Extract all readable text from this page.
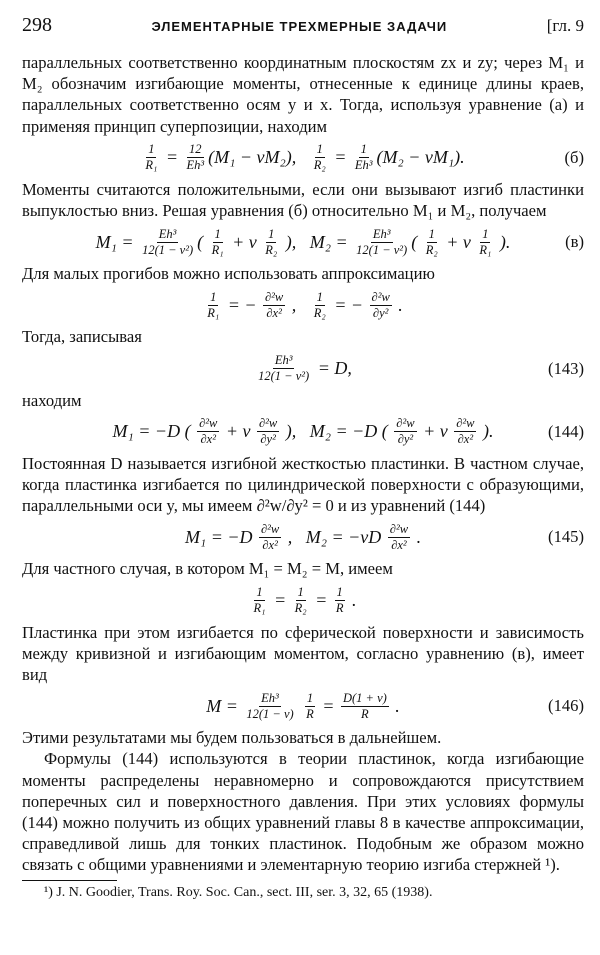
298	ЭЛЕМЕНТАРНЫЕ ТРЕХМЕРНЫЕ ЗАДАЧИ	[гл. 9

параллельных соответственно координатным плоскостям zx и zy; через M₁ и M₂ обозначим изгибающие моменты, отнесенные к единице длины краев, параллельных соответственно осям y и x. Тогда, используя уравнение (а) и применяя принцип суперпозиции, находим

$\frac{1}{\text{R₁}} = \frac{12}{\text{Eh³}} (M_1 - \nu M_2)$, $\frac{1}{\text{R₂}} = \frac{1}{\text{Eh³}} (M_2 - \nu M_1)$.	(б)

Моменты считаются положительными, если они вызывают изгиб пластинки выпуклостью вниз. Решая уравнения (б) относительно M₁ и M₂, получаем

$M_1 = \frac{\text{Eh³}}{\text{12(1 − ν²)}}$ ( $\frac{1}{\text{R₁}} + \nu \frac{1}{\text{R₂}}$ ),   $M_2 = \frac{\text{Eh³}}{\text{12(1 − ν²)}}$ ( $\frac{1}{\text{R₂}} + \nu \frac{1}{\text{R₁}}$ ).	(в)

Для малых прогибов можно использовать аппроксимацию

$\frac{1}{\text{R₁}}$ = − $\frac{\text{∂²w}}{\text{∂x²}}$ , $\frac{1}{\text{R₂}}$ = − $\frac{\text{∂²w}}{\text{∂y²}}$ .

Тогда, записывая

$\frac{\text{Eh³}}{\text{12(1 − ν²)}} = D$,	(143)

находим

M₁ = −D ( $\frac{\text{∂²w}}{\text{∂x²}} + \nu \frac{\text{∂²w}}{\text{∂y²}}$ ),   M₂ = −D ( $\frac{\text{∂²w}}{\text{∂y²}} + \nu \frac{\text{∂²w}}{\text{∂x²}}$ ).	(144)

Постоянная D называется изгибной жесткостью пластинки. В частном случае, когда пластинка изгибается по цилиндрической поверхности с образующими, параллельными оси y, мы имеем ∂²w/∂y² = 0 и из уравнений (144)

$M_1 = -D \frac{\text{∂²w}}{\text{∂x²}}$ ,   $M_2 = -\nu D \frac{\text{∂²w}}{\text{∂x²}}$ .	(145)

Для частного случая, в котором M₁ = M₂ = M, имеем

$\frac{1}{\text{R₁}} = \frac{1}{\text{R₂}} = \frac{1}{R}$ .

Пластинка при этом изгибается по сферической поверхности и зависимость между кривизной и изгибающим моментом, согласно уравнению (в), имеет вид

$M = \frac{\text{Eh³}}{12(1 - \nu)}$
$\frac{1}{R} = \frac{D(1 + \nu)}{R}$ .	(146)

Этими результатами мы будем пользоваться в дальнейшем.

Формулы (144) используются в теории пластинок, когда изгибающие моменты распределены неравномерно и сопровождаются присутствием поперечных сил и поверхностного давления. При этих условиях формулы (144) можно получить из общих уравнений главы 8 в качестве аппроксимации, справедливой лишь для тонких пластинок. Подобным же образом можно связать с общими уравнениями и элементарную теорию изгиба стержней ¹).

¹) J. N. Goodier, Trans. Roy. Soc. Can., sect. III, ser. 3, 32, 65 (1938).
